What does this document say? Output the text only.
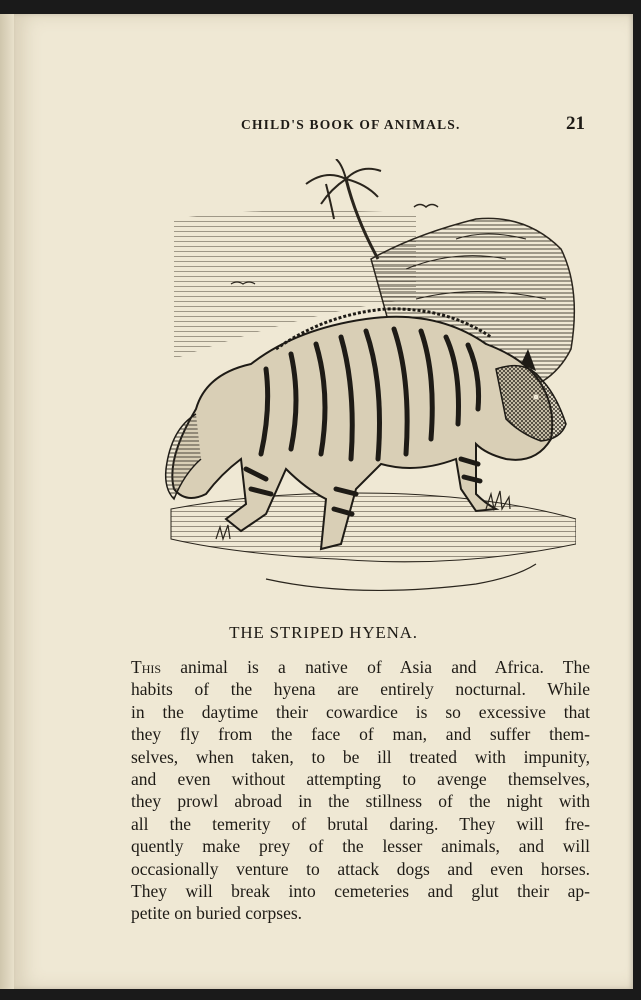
CHILD'S BOOK OF ANIMALS.	21
THE STRIPED HYENA.
This animal is a native of Asia and Africa. The
habits of the hyena are entirely nocturnal. While
in the daytime their cowardice is so excessive that
they fly from the face of man, and suffer them-
selves, when taken, to be ill treated with impunity,
and even without attempting to avenge themselves,
they prowl abroad in the stillness of the night with
all the temerity of brutal daring. They will fre-
quently make prey of the lesser animals, and will
occasionally venture to attack dogs and even horses.
They will break into cemeteries and glut their ap-
petite on buried corpses.
